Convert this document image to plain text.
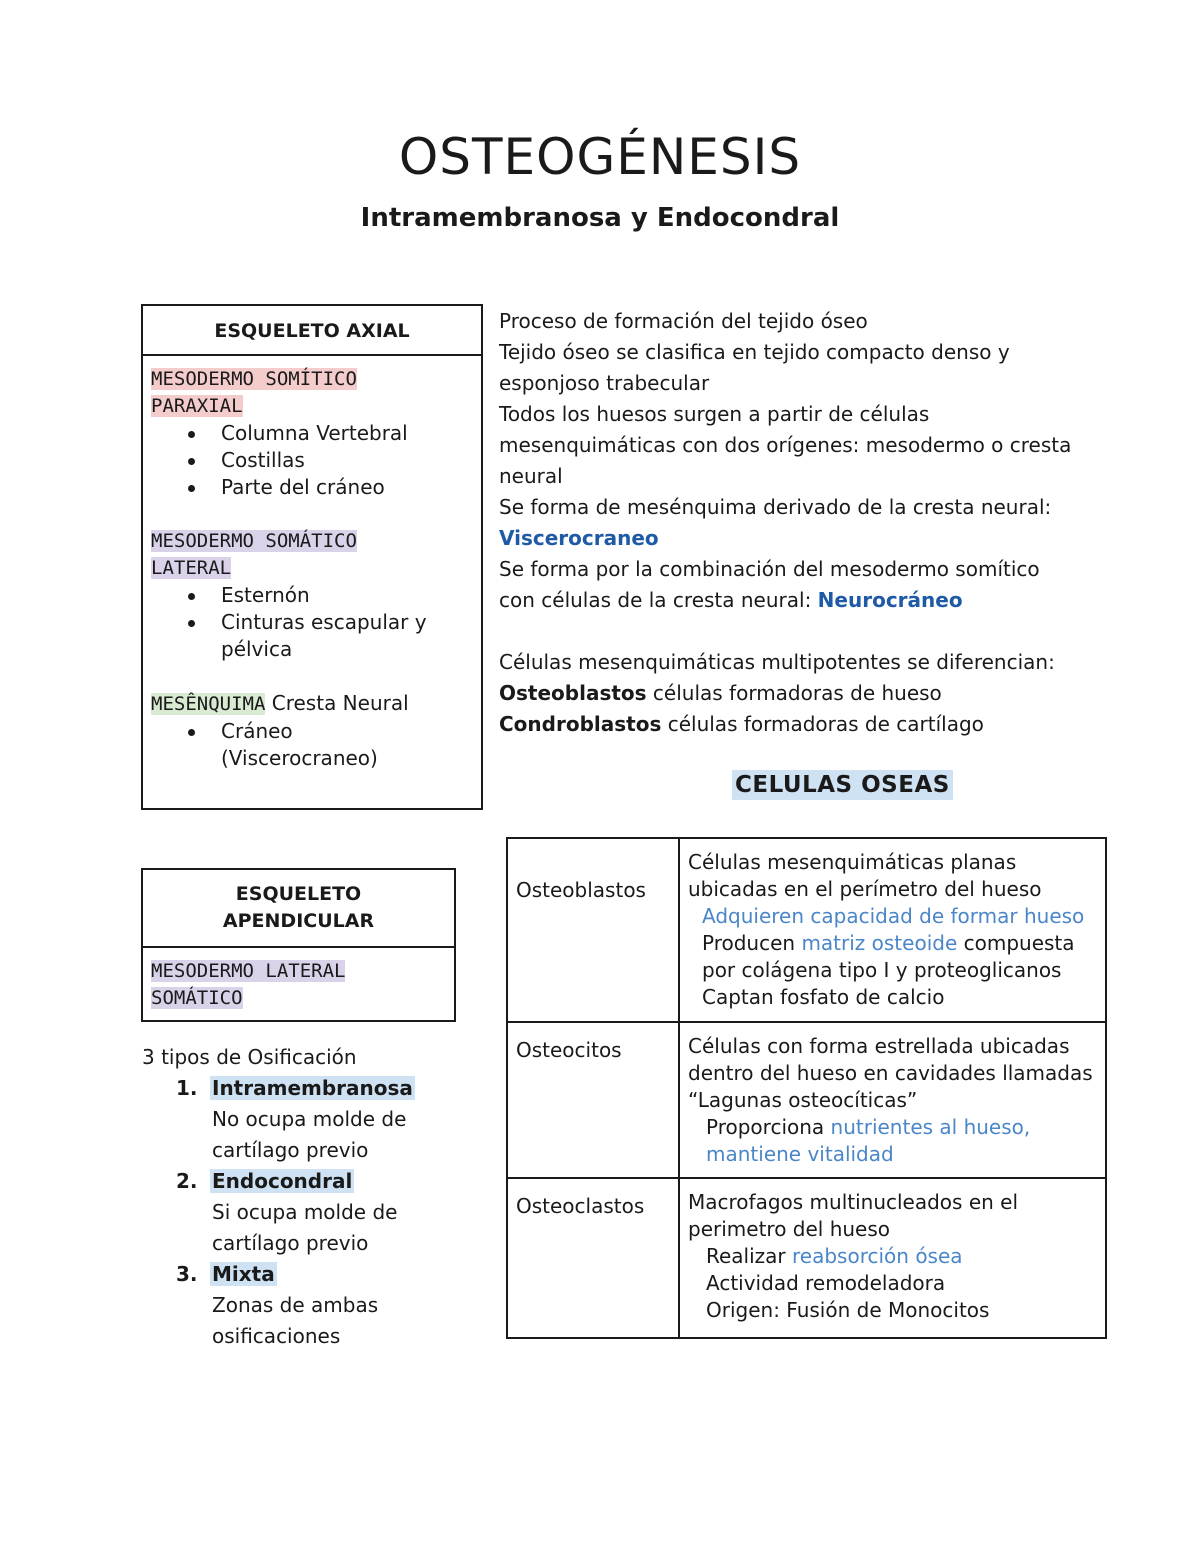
OSTEOGÉNESIS
Intramembranosa y Endocondral
ESQUELETO AXIAL
MESODERMO SOMÍTICO
PARAXIAL
Columna Vertebral
Costillas
Parte del cráneo
MESODERMO SOMÁTICO
LATERAL
Esternón
Cinturas escapular y pélvica
MESÊNQUIMA Cresta Neural
Cráneo (Viscerocraneo)
ESQUELETO
APENDICULAR
MESODERMO LATERAL
SOMÁTICO

Proceso de formación del tejido óseo

Tejido óseo se clasifica en tejido compacto denso y esponjoso trabecular

Todos los huesos surgen a partir de células mesenquimáticas con dos orígenes: mesodermo o cresta neural

Se forma de mesénquima derivado de la cresta neural:

Viscerocraneo

Se forma por la combinación del mesodermo somítico con células de la cresta neural: Neurocráneo

Células mesenquimáticas multipotentes se diferencian:

Osteoblastos células formadoras de hueso

Condroblastos células formadoras de cartílago

CELULAS OSEAS
Osteoblastos	Células mesenquimáticas planas ubicadas en el perímetro del hueso
Adquieren capacidad de formar hueso
Producen matriz osteoide compuesta por colágena tipo I y proteoglicanos
Captan fosfato de calcio

Osteocitos	Células con forma estrellada ubicadas dentro del hueso en cavidades llamadas “Lagunas osteocíticas”
Proporciona nutrientes al hueso, mantiene vitalidad

Osteoclastos	Macrofagos multinucleados en el perimetro del hueso
Realizar reabsorción ósea
Actividad remodeladora
Origen: Fusión de Monocitos
3 tipos de Osificación
1. Intramembranosa
No ocupa molde de cartílago previo
2. Endocondral
Si ocupa molde de cartílago previo
3. Mixta
Zonas de ambas osificaciones
